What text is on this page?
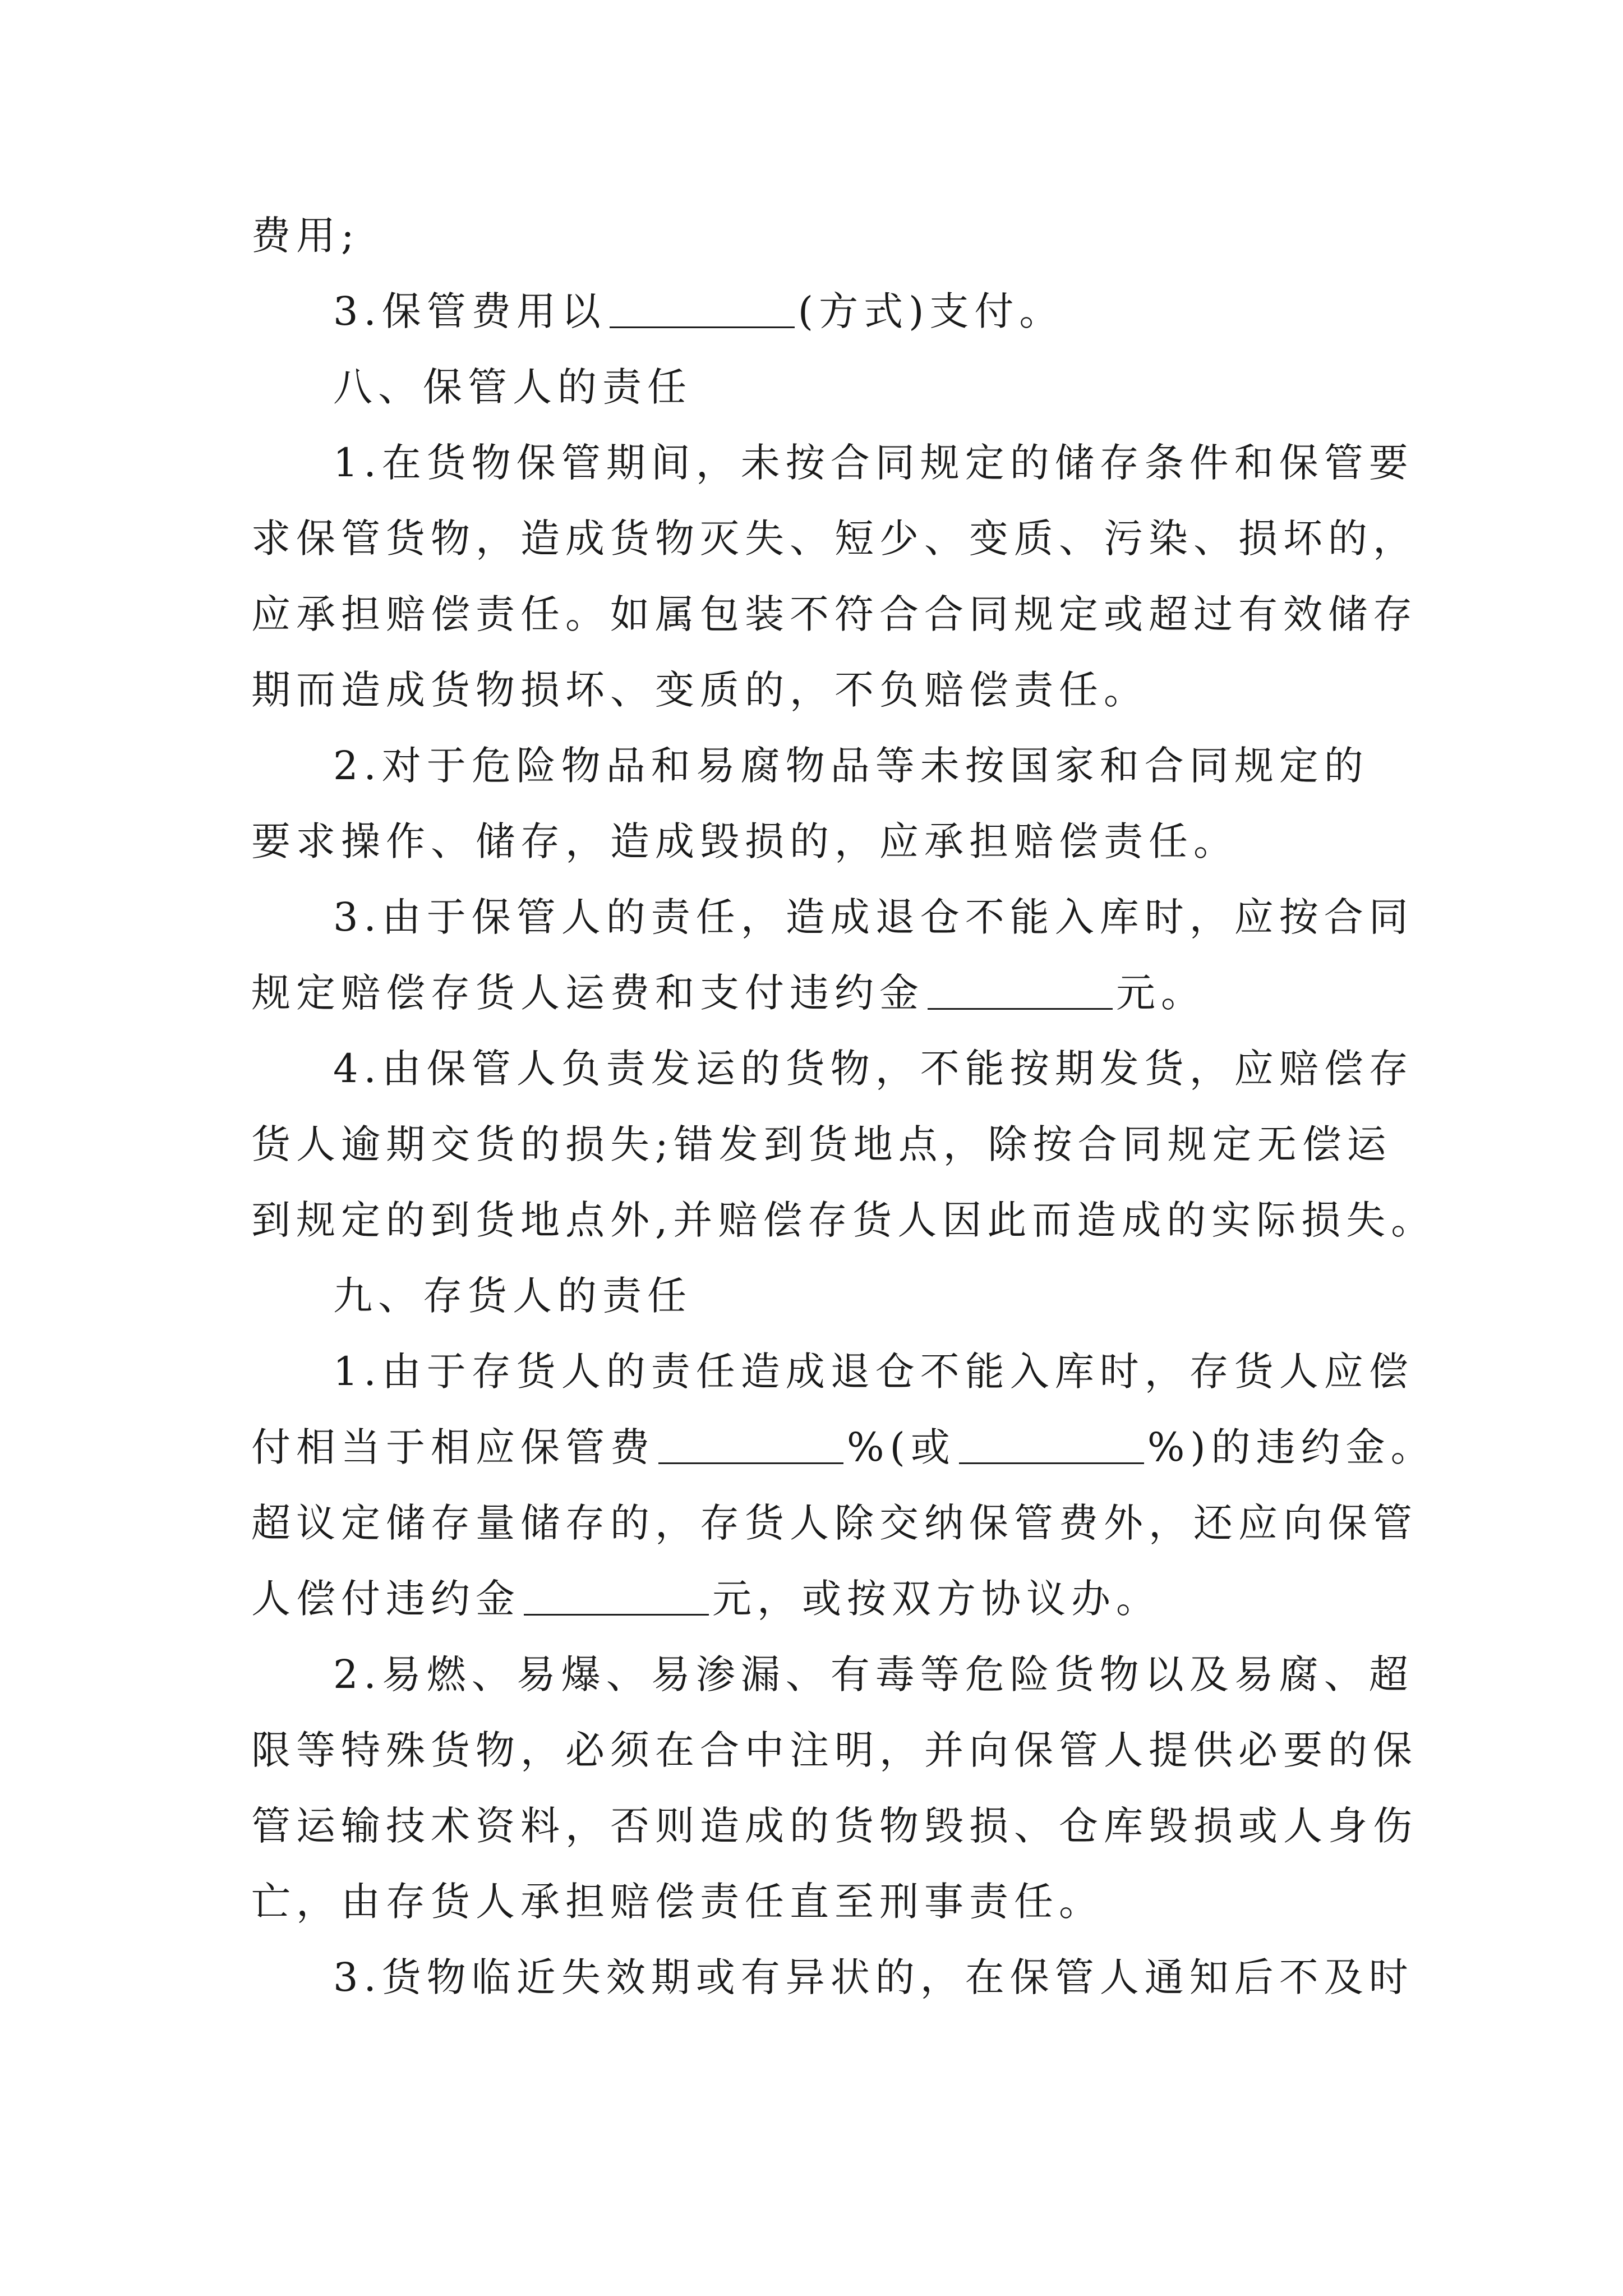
费用;
3.保管费用以	(方式)支付。
八、保管人的责任
1.在货物保管期间，未按合同规定的储存条件和保管要
求保管货物，造成货物灭失、短少、变质、污染、损坏的，
应承担赔偿责任。如属包装不符合合同规定或超过有效储存
期而造成货物损坏、变质的，不负赔偿责任。
2.对于危险物品和易腐物品等未按国家和合同规定的
要求操作、储存，造成毁损的，应承担赔偿责任。
3.由于保管人的责任，造成退仓不能入库时，应按合同
规定赔偿存货人运费和支付违约金	元。
4.由保管人负责发运的货物，不能按期发货，应赔偿存
货人逾期交货的损失;错发到货地点，除按合同规定无偿运
到规定的到货地点外,并赔偿存货人因此而造成的实际损失。
九、存货人的责任
1.由于存货人的责任造成退仓不能入库时，存货人应偿
付相当于相应保管费	%(或	%)的违约金。
超议定储存量储存的，存货人除交纳保管费外，还应向保管
人偿付违约金	元，或按双方协议办。
2.易燃、易爆、易渗漏、有毒等危险货物以及易腐、超
限等特殊货物，必须在合中注明，并向保管人提供必要的保
管运输技术资料，否则造成的货物毁损、仓库毁损或人身伤
亡，由存货人承担赔偿责任直至刑事责任。
3.货物临近失效期或有异状的，在保管人通知后不及时
